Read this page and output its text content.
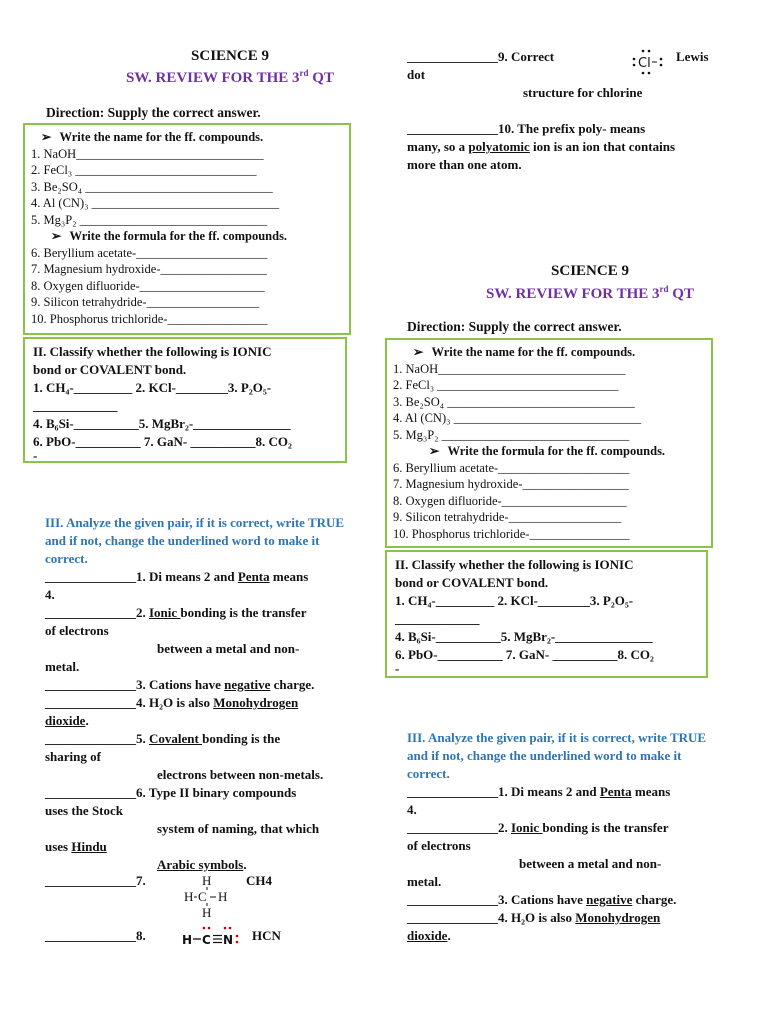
SCIENCE 9
SW. REVIEW FOR THE 3rd QT
Direction: Supply the correct answer.
➢ Write the name for the ff. compounds.
1. NaOH______________________________
2. FeCl₃ _____________________________
3. Be₂SO₄ ______________________________
4. Al (CN)₃ ______________________________
5. Mg₃P₂ ______________________________
➢ Write the formula for the ff. compounds.
6. Beryllium acetate-_____________________
7. Magnesium hydroxide-_________________
8. Oxygen difluoride-____________________
9. Silicon tetrahydride-__________________
10. Phosphorus trichloride-________________
II. Classify whether the following is IONIC
bond or COVALENT bond.
1. CH₄-_________ 2. KCl-________3. P₂O₅-
_____________
4. B₆Si-__________5. MgBr₂-_______________
6. PbO-__________ 7. GaN- __________8. CO₂
-
III. Analyze the given pair, if it is correct, write TRUE and if not, change the underlined word to make it correct.
______________1. Di means 2 and Penta means
4.
______________2. Ionic bonding is the transfer
of electrons
between a metal and non-
metal.
______________3. Cations have negative charge.
______________4. H₂O is also Monohydrogen
dioxide.
______________5. Covalent bonding is the
sharing of
electrons between non-metals.
______________6. Type II binary compounds
uses the Stock
system of naming, that which
uses Hindu
Arabic symbols.
______________7.	H
H C H
H
CH4
______________8.	H C N HCN
______________9. Correct	Cl Lewis
dot
structure for chlorine
______________10. The prefix poly- means
many, so a polyatomic ion is an ion that contains
more than one atom.
SCIENCE 9
SW. REVIEW FOR THE 3rd QT
Direction: Supply the correct answer.
➢ Write the name for the ff. compounds.
1. NaOH______________________________
2. FeCl₃ _____________________________
3. Be₂SO₄ ______________________________
4. Al (CN)₃ ______________________________
5. Mg₃P₂ ______________________________
➢ Write the formula for the ff. compounds.
6. Beryllium acetate-_____________________
7. Magnesium hydroxide-_________________
8. Oxygen difluoride-____________________
9. Silicon tetrahydride-__________________
10. Phosphorus trichloride-________________
II. Classify whether the following is IONIC
bond or COVALENT bond.
1. CH₄-_________ 2. KCl-________3. P₂O₅-
_____________
4. B₆Si-__________5. MgBr₂-_______________
6. PbO-__________ 7. GaN- __________8. CO₂
-
III. Analyze the given pair, if it is correct, write TRUE and if not, change the underlined word to make it correct.
______________1. Di means 2 and Penta means
4.
______________2. Ionic bonding is the transfer
of electrons
between a metal and non-
metal.
______________3. Cations have negative charge.
______________4. H₂O is also Monohydrogen
dioxide.
